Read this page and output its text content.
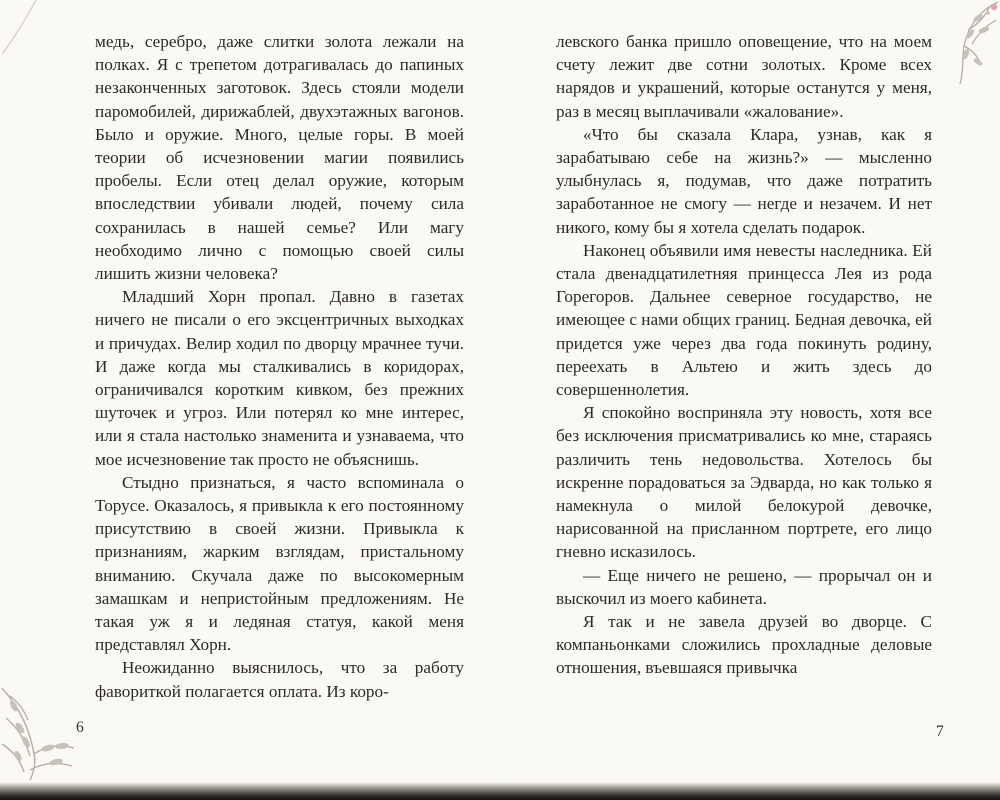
медь, серебро, даже слитки золота лежали на полках. Я с трепетом дотрагивалась до папиных незаконченных заготовок. Здесь стояли модели паромобилей, дирижаблей, двухэтажных вагонов. Было и оружие. Много, целые горы. В моей теории об исчезновении магии появились пробелы. Если отец делал оружие, которым впоследствии убивали людей, почему сила сохранилась в нашей семье? Или магу необходимо лично с помощью своей силы лишить жизни человека?

Младший Хорн пропал. Давно в газетах ничего не писали о его эксцентричных выходках и причудах. Велир ходил по дворцу мрачнее тучи. И даже когда мы сталкивались в коридорах, ограничивался коротким кивком, без прежних шуточек и угроз. Или потерял ко мне интерес, или я стала настолько знаменита и узнаваема, что мое исчезновение так просто не объяснишь.

Стыдно признаться, я часто вспоминала о Торусе. Оказалось, я привыкла к его постоянному присутствию в своей жизни. Привыкла к признаниям, жарким взглядам, пристальному вниманию. Скучала даже по высокомерным замашкам и непристойным предложениям. Не такая уж я и ледяная статуя, какой меня представлял Хорн.

Неожиданно выяснилось, что за работу фавориткой полагается оплата. Из коро-

левского банка пришло оповещение, что на моем счету лежит две сотни золотых. Кроме всех нарядов и украшений, которые останутся у меня, раз в месяц выплачивали «жалование».

«Что бы сказала Клара, узнав, как я зарабатываю себе на жизнь?» — мысленно улыбнулась я, подумав, что даже потратить заработанное не смогу — негде и незачем. И нет никого, кому бы я хотела сделать подарок.

Наконец объявили имя невесты наследника. Ей стала двенадцатилетняя принцесса Лея из рода Горегоров. Дальнее северное государство, не имеющее с нами общих границ. Бедная девочка, ей придется уже через два года покинуть родину, переехать в Альтею и жить здесь до совершеннолетия.

Я спокойно восприняла эту новость, хотя все без исключения присматривались ко мне, стараясь различить тень недовольства. Хотелось бы искренне порадоваться за Эдварда, но как только я намекнула о милой белокурой девочке, нарисованной на присланном портрете, его лицо гневно исказилось.

— Еще ничего не решено, — прорычал он и выскочил из моего кабинета.

Я так и не завела друзей во дворце. С компаньонками сложились прохладные деловые отношения, въевшаяся привычка

6	7
